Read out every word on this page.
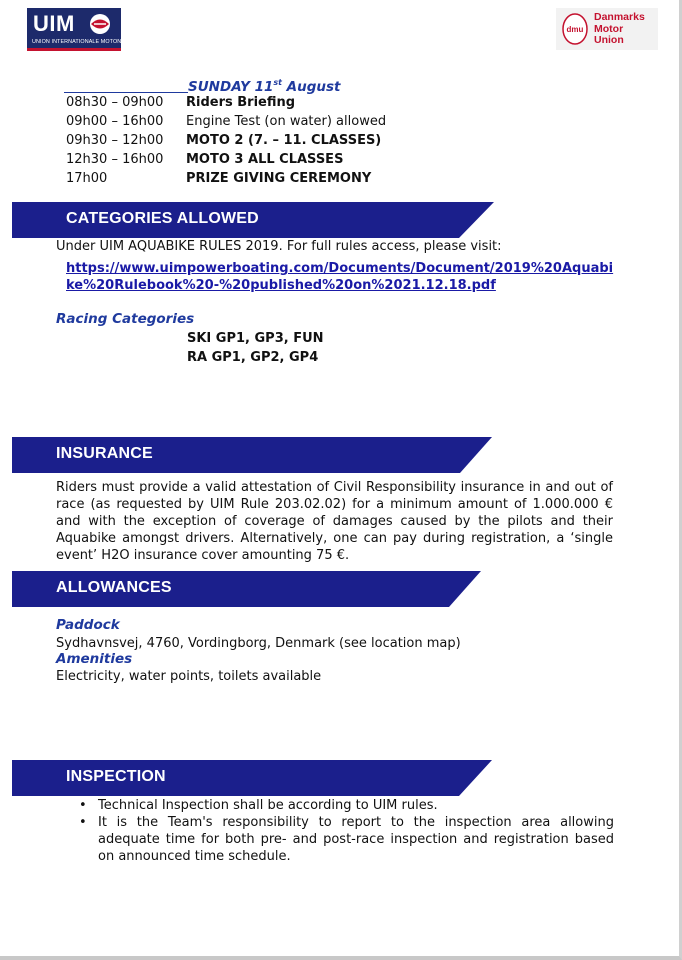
UIM
UNION INTERNATIONALE MOTONAUTIQUE
dmu
Danmarks Motor Union
SUNDAY 11st August
08h30 – 09h00 Riders Briefing
09h00 – 16h00 Engine Test (on water) allowed
09h30 – 12h00 MOTO 2 (7. – 11. CLASSES)
12h30 – 16h00 MOTO 3 ALL CLASSES
17h00	PRIZE GIVING CEREMONY
CATEGORIES ALLOWED
Under UIM AQUABIKE RULES 2019. For full rules access, please visit:
https://www.uimpowerboating.com/Documents/Document/2019%20Aquabi
ke%20Rulebook%20-%20published%20on%2021.12.18.pdf
Racing Categories
SKI GP1, GP3, FUN
RA GP1, GP2, GP4
INSURANCE
Riders must provide a valid attestation of Civil Responsibility insurance in and out of race (as requested by UIM Rule 203.02.02) for a minimum amount of 1.000.000 € and with the exception of coverage of damages caused by the pilots and their Aquabike amongst drivers. Alternatively, one can pay during registration, a ‘single event’ H2O insurance cover amounting 75 €.
ALLOWANCES
Paddock
Sydhavnsvej, 4760, Vordingborg, Denmark (see location map)
Amenities
Electricity, water points, toilets available
INSPECTION
• Technical Inspection shall be according to UIM rules.
• It is the Team's responsibility to report to the inspection area allowing adequate time for both pre- and post-race inspection and registration based on announced time schedule.
